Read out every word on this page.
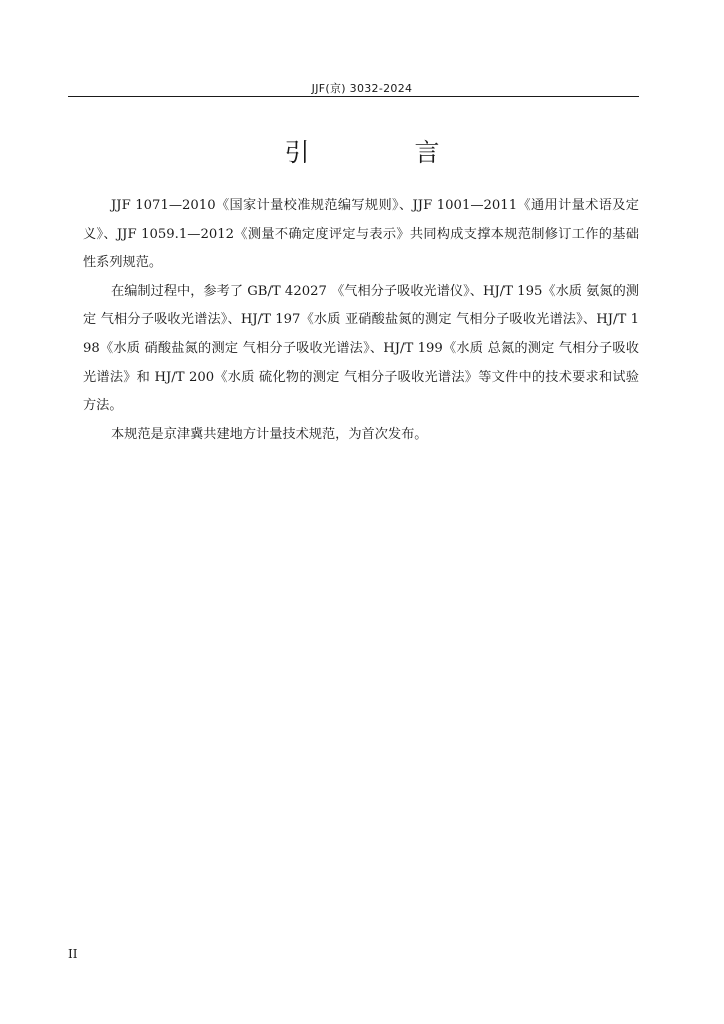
JJF(京) 3032-2024
引　言

JJF 1071—2010《国家计量校准规范编写规则》、JJF 1001—2011《通用计量术语及定义》、JJF 1059.1—2012《测量不确定度评定与表示》共同构成支撑本规范制修订工作的基础性系列规范。

在编制过程中，参考了 GB/T 42027 《气相分子吸收光谱仪》、HJ/T 195《水质 氨氮的测定 气相分子吸收光谱法》、HJ/T 197《水质 亚硝酸盐氮的测定 气相分子吸收光谱法》、HJ/T 198《水质 硝酸盐氮的测定 气相分子吸收光谱法》、HJ/T 199《水质 总氮的测定 气相分子吸收光谱法》和 HJ/T 200《水质 硫化物的测定 气相分子吸收光谱法》等文件中的技术要求和试验方法。

本规范是京津冀共建地方计量技术规范，为首次发布。

II
